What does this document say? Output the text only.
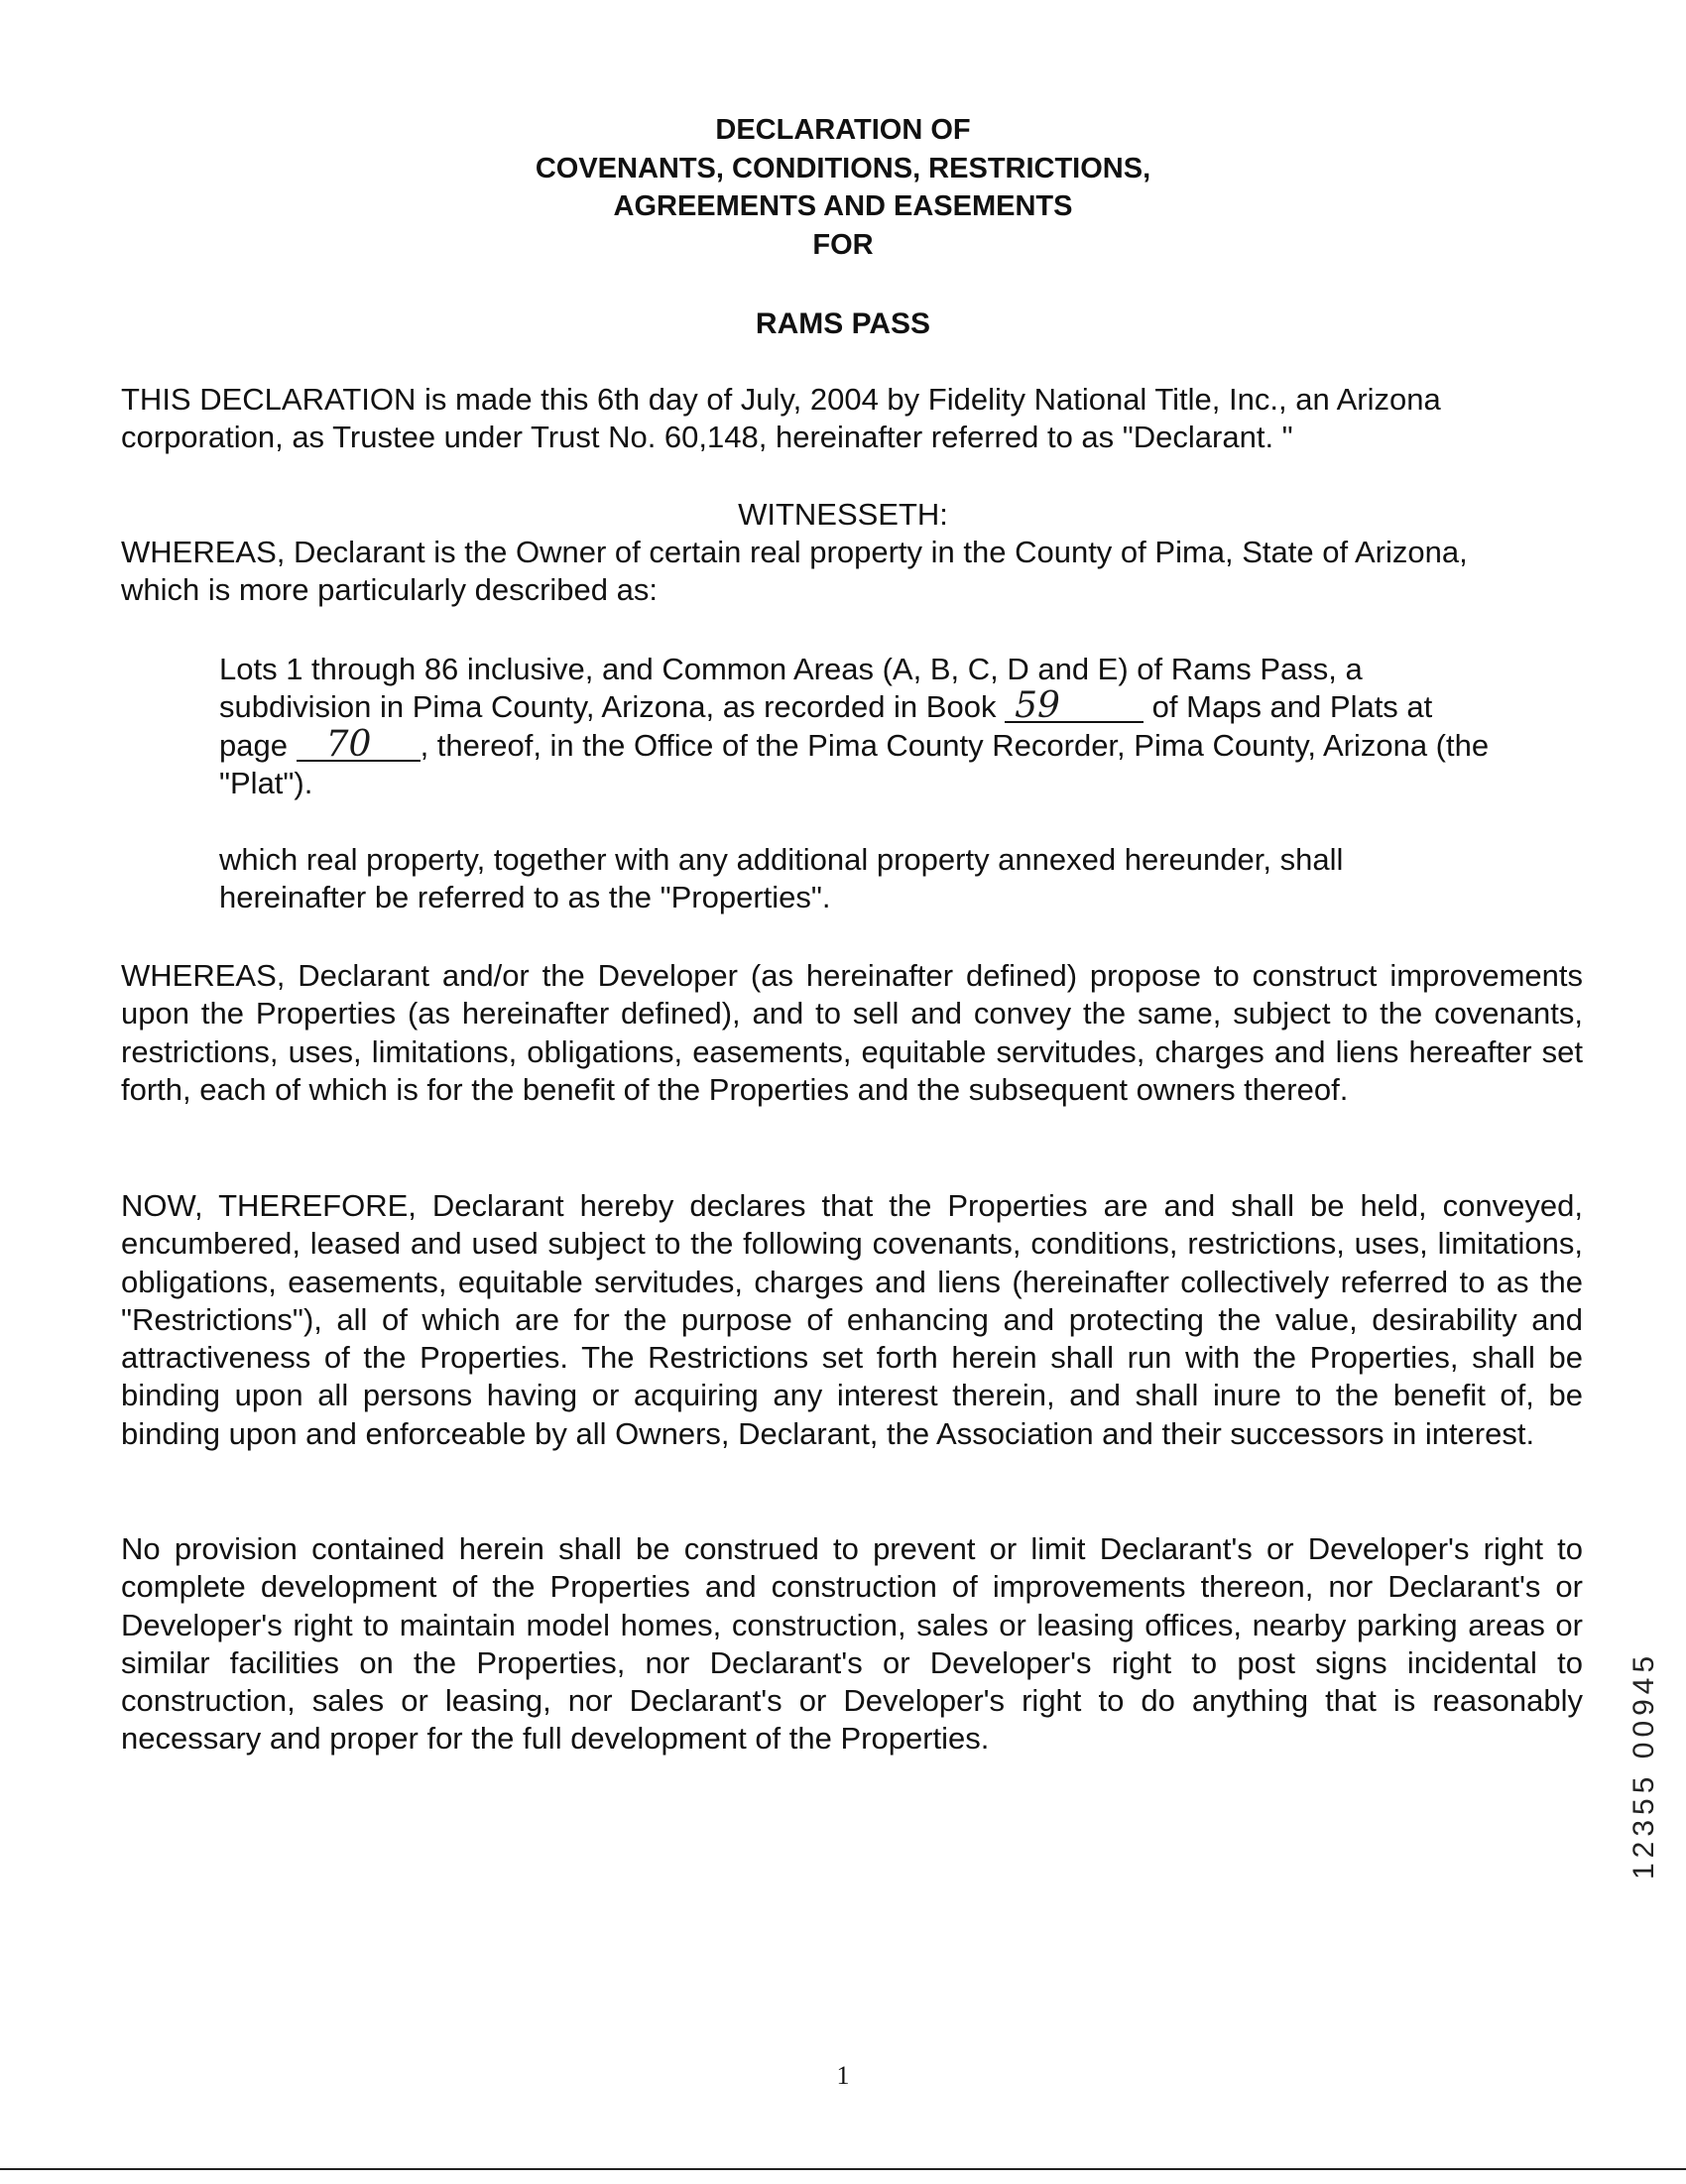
DECLARATION OF
COVENANTS, CONDITIONS, RESTRICTIONS,
AGREEMENTS AND EASEMENTS
FOR
RAMS PASS
THIS DECLARATION is made this 6th day of July, 2004 by Fidelity National Title, Inc., an Arizona
corporation, as Trustee under Trust No. 60,148, hereinafter referred to as "Declarant. "
WITNESSETH:
WHEREAS, Declarant is the Owner of certain real property in the County of Pima, State of Arizona,
which is more particularly described as:
Lots 1 through 86 inclusive, and Common Areas (A, B, C, D and E) of Rams Pass, a
subdivision in Pima County, Arizona, as recorded in Book 59	of Maps and Plats at
page 70 , thereof, in the Office of the Pima County Recorder, Pima County, Arizona (the
"Plat").
which real property, together with any additional property annexed hereunder, shall
hereinafter be referred to as the "Properties".

WHEREAS, Declarant and/or the Developer (as hereinafter defined) propose to construct improvements upon the Properties (as hereinafter defined), and to sell and convey the same, subject to the covenants, restrictions, uses, limitations, obligations, easements, equitable servitudes, charges and liens hereafter set forth, each of which is for the benefit of the Properties and the subsequent owners thereof.

NOW, THEREFORE, Declarant hereby declares that the Properties are and shall be held, conveyed, encumbered, leased and used subject to the following covenants, conditions, restrictions, uses, limitations, obligations, easements, equitable servitudes, charges and liens (hereinafter collectively referred to as the "Restrictions"), all of which are for the purpose of enhancing and protecting the value, desirability and attractiveness of the Properties. The Restrictions set forth herein shall run with the Properties, shall be binding upon all persons having or acquiring any interest therein, and shall inure to the benefit of, be binding upon and enforceable by all Owners, Declarant, the Association and their successors in interest.

No provision contained herein shall be construed to prevent or limit Declarant's or Developer's right to complete development of the Properties and construction of improvements thereon, nor Declarant's or Developer's right to maintain model homes, construction, sales or leasing offices, nearby parking areas or similar facilities on the Properties, nor Declarant's or Developer's right to post signs incidental to construction, sales or leasing, nor Declarant's or Developer's right to do anything that is reasonably necessary and proper for the full development of the Properties.	12355 00945
1
